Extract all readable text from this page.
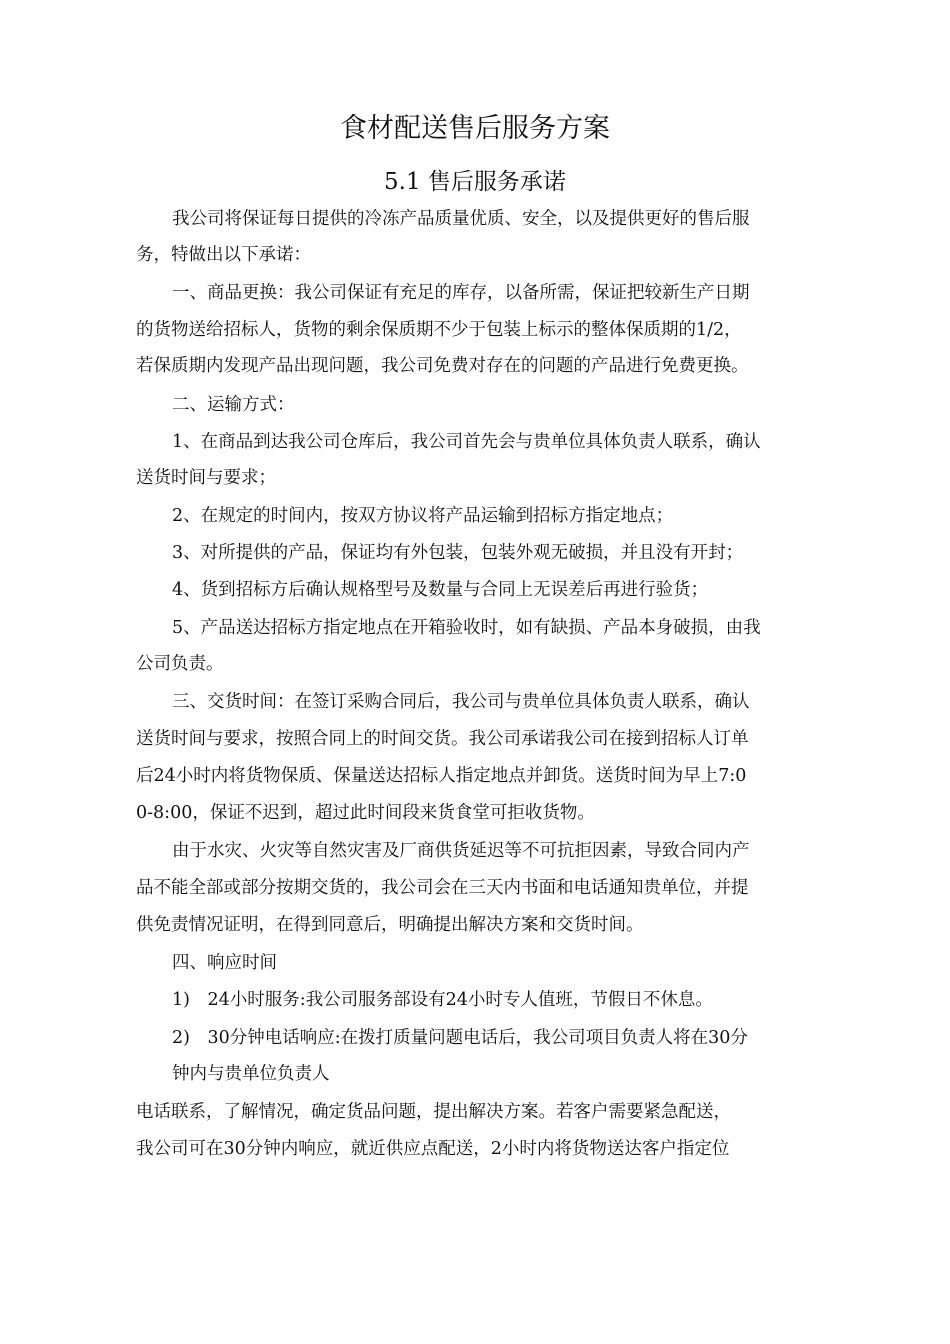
食材配送售后服务方案
5.1 售后服务承诺
我公司将保证每日提供的冷冻产品质量优质、安全，以及提供更好的售后服
务，特做出以下承诺：
一、商品更换：我公司保证有充足的库存，以备所需，保证把较新生产日期
的货物送给招标人，货物的剩余保质期不少于包装上标示的整体保质期的1/2，
若保质期内发现产品出现问题，我公司免费对存在的问题的产品进行免费更换。
二、运输方式：
1、在商品到达我公司仓库后，我公司首先会与贵单位具体负责人联系，确认
送货时间与要求；
2、在规定的时间内，按双方协议将产品运输到招标方指定地点；
3、对所提供的产品，保证均有外包装，包装外观无破损，并且没有开封；
4、货到招标方后确认规格型号及数量与合同上无误差后再进行验货；
5、产品送达招标方指定地点在开箱验收时，如有缺损、产品本身破损，由我
公司负责。
三、交货时间：在签订采购合同后，我公司与贵单位具体负责人联系，确认
送货时间与要求，按照合同上的时间交货。我公司承诺我公司在接到招标人订单
后24小时内将货物保质、保量送达招标人指定地点并卸货。送货时间为早上7:0
0-8:00，保证不迟到，超过此时间段来货食堂可拒收货物。
由于水灾、火灾等自然灾害及厂商供货延迟等不可抗拒因素，导致合同内产
品不能全部或部分按期交货的，我公司会在三天内书面和电话通知贵单位，并提
供免责情况证明，在得到同意后，明确提出解决方案和交货时间。
四、响应时间
1)　24小时服务:我公司服务部设有24小时专人值班，节假日不休息。
2)　30分钟电话响应:在拨打质量问题电话后，我公司项目负责人将在30分
钟内与贵单位负责人
电话联系，了解情况，确定货品问题，提出解决方案。若客户需要紧急配送，
我公司可在30分钟内响应，就近供应点配送，2小时内将货物送达客户指定位
